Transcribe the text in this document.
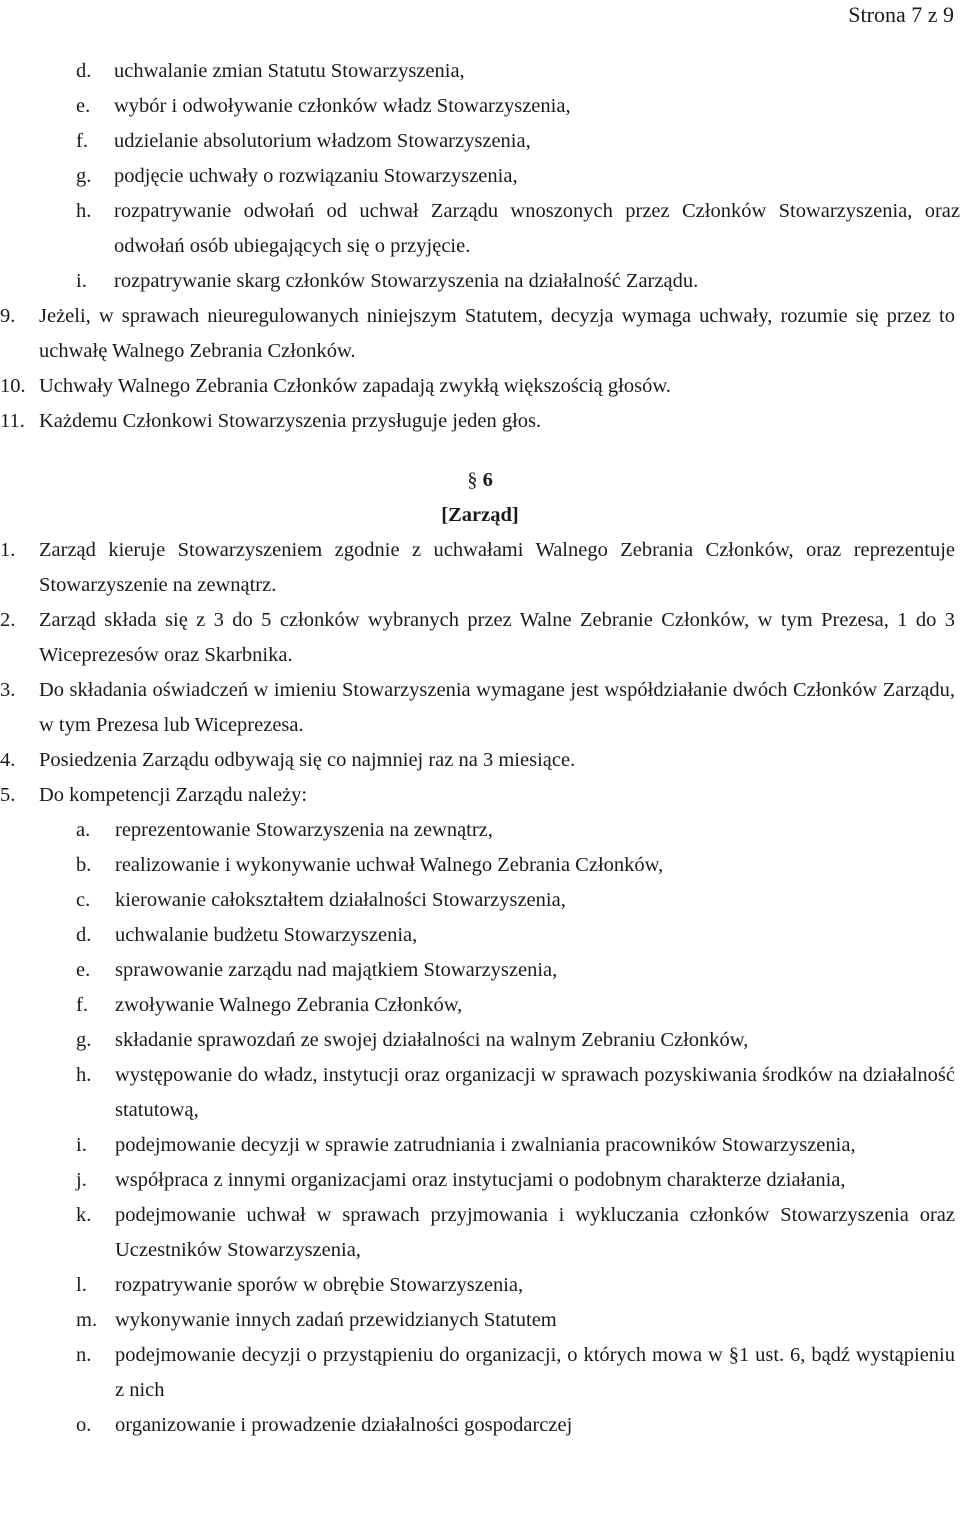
Strona 7 z 9
d.	uchwalanie zmian Statutu Stowarzyszenia,
e.	wybór i odwoływanie członków władz Stowarzyszenia,
f.	udzielanie absolutorium władzom Stowarzyszenia,
g.	podjęcie uchwały o rozwiązaniu Stowarzyszenia,
h.	rozpatrywanie odwołań od uchwał Zarządu wnoszonych przez Członków Stowarzyszenia, oraz odwołań osób ubiegających się o przyjęcie.
i.	rozpatrywanie skarg członków Stowarzyszenia na działalność Zarządu.
9.	Jeżeli, w sprawach nieuregulowanych niniejszym Statutem, decyzja wymaga uchwały, rozumie się przez to uchwałę Walnego Zebrania Członków.
10. Uchwały Walnego Zebrania Członków zapadają zwykłą większością głosów.
11. Każdemu Członkowi Stowarzyszenia przysługuje jeden głos.
§ 6
[Zarząd]
1.	Zarząd kieruje Stowarzyszeniem zgodnie z uchwałami Walnego Zebrania Członków, oraz reprezentuje Stowarzyszenie na zewnątrz.
2.	Zarząd składa się z 3 do 5 członków wybranych przez Walne Zebranie Członków, w tym Prezesa, 1 do 3 Wiceprezesów oraz Skarbnika.
3.	Do składania oświadczeń w imieniu Stowarzyszenia wymagane jest współdziałanie dwóch Członków Zarządu, w tym Prezesa lub Wiceprezesa.
4.	Posiedzenia Zarządu odbywają się co najmniej raz na 3 miesiące.
5.	Do kompetencji Zarządu należy:
a.	reprezentowanie Stowarzyszenia na zewnątrz,
b.	realizowanie i wykonywanie uchwał Walnego Zebrania Członków,
c.	kierowanie całokształtem działalności Stowarzyszenia,
d.	uchwalanie budżetu Stowarzyszenia,
e.	sprawowanie zarządu nad majątkiem Stowarzyszenia,
f.	zwoływanie Walnego Zebrania Członków,
g.	składanie sprawozdań ze swojej działalności na walnym Zebraniu Członków,
h.	występowanie do władz, instytucji oraz organizacji w sprawach pozyskiwania środków na działalność statutową,
i.	podejmowanie decyzji w sprawie zatrudniania i zwalniania pracowników Stowarzyszenia,
j.	współpraca z innymi organizacjami oraz instytucjami o podobnym charakterze działania,
k.	podejmowanie uchwał w sprawach przyjmowania i wykluczania członków Stowarzyszenia oraz Uczestników Stowarzyszenia,
l.	rozpatrywanie sporów w obrębie Stowarzyszenia,
m. wykonywanie innych zadań przewidzianych Statutem
n.	podejmowanie decyzji o przystąpieniu do organizacji, o których mowa w §1 ust. 6, bądź wystąpieniu z nich
o.	organizowanie i prowadzenie działalności gospodarczej
